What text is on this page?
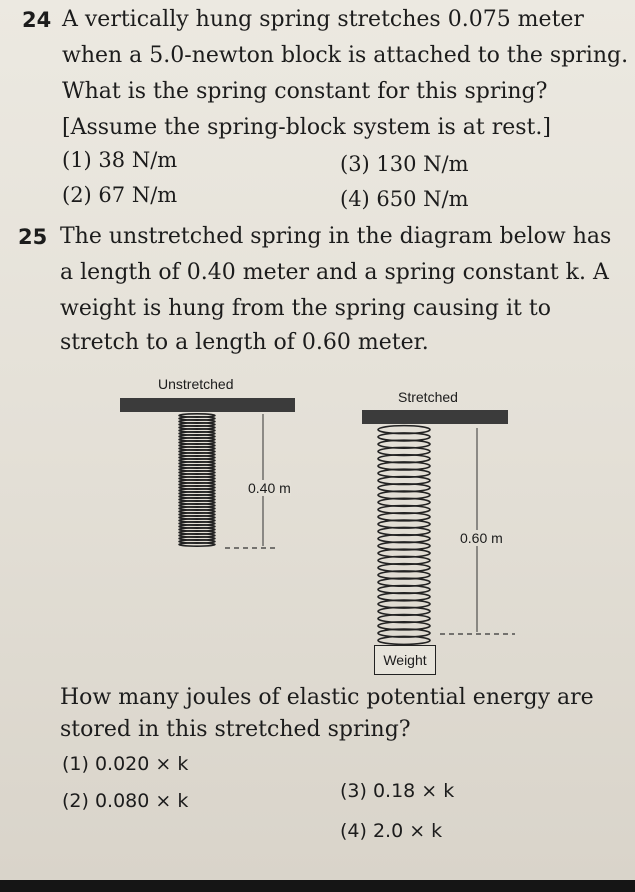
24 A vertically hung spring stretches 0.075 meter
when a 5.0-newton block is attached to the spring.
What is the spring constant for this spring?
[Assume the spring-block system is at rest.]
(1) 38 N/m
(2) 67 N/m
(3) 130 N/m
(4) 650 N/m
25 The unstretched spring in the diagram below has
a length of 0.40 meter and a spring constant k. A
weight is hung from the spring causing it to
stretch to a length of 0.60 meter.
Unstretched
Stretched
0.40 m
0.60 m
Weight
How many joules of elastic potential energy are
stored in this stretched spring?
(1) 0.020 × k
(2) 0.080 × k	(3) 0.18 × k
(4) 2.0 × k
